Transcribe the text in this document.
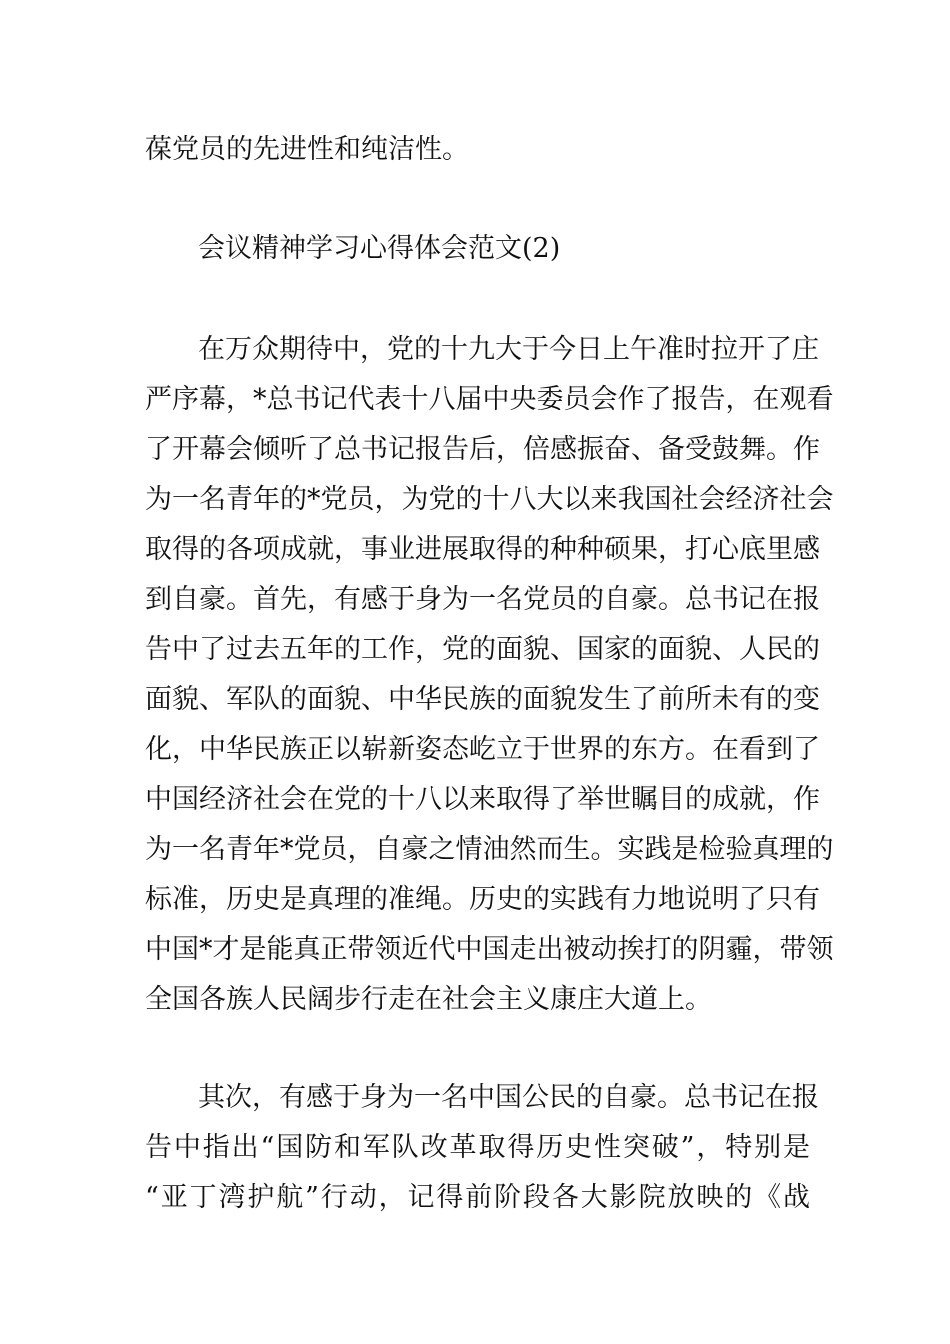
葆党员的先进性和纯洁性。
会议精神学习心得体会范文(2)
在万众期待中，党的十九大于今日上午准时拉开了庄
严序幕，*总书记代表十八届中央委员会作了报告，在观看
了开幕会倾听了总书记报告后，倍感振奋、备受鼓舞。作
为一名青年的*党员，为党的十八大以来我国社会经济社会
取得的各项成就，事业进展取得的种种硕果，打心底里感
到自豪。首先，有感于身为一名党员的自豪。总书记在报
告中了过去五年的工作，党的面貌、国家的面貌、人民的
面貌、军队的面貌、中华民族的面貌发生了前所未有的变
化，中华民族正以崭新姿态屹立于世界的东方。在看到了
中国经济社会在党的十八以来取得了举世瞩目的成就，作
为一名青年*党员，自豪之情油然而生。实践是检验真理的
标准，历史是真理的准绳。历史的实践有力地说明了只有
中国*才是能真正带领近代中国走出被动挨打的阴霾，带领
全国各族人民阔步行走在社会主义康庄大道上。
其次，有感于身为一名中国公民的自豪。总书记在报
告中指出“国防和军队改革取得历史性突破”，特别是
“亚丁湾护航”行动，记得前阶段各大影院放映的《战
